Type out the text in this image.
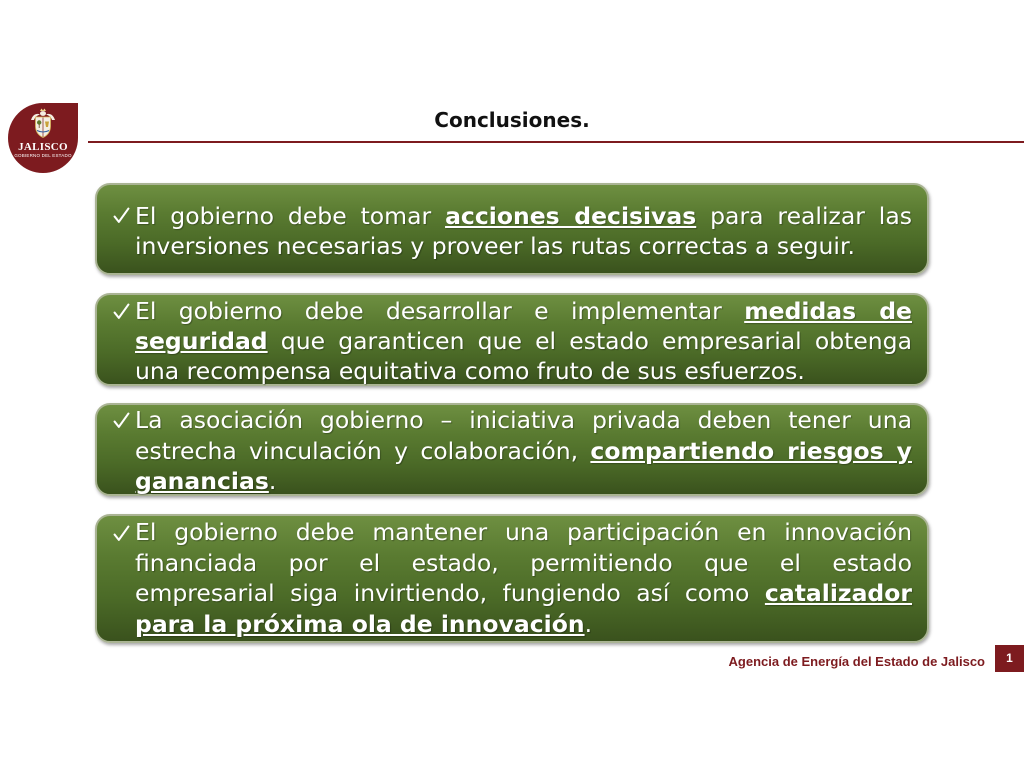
JALISCO
GOBIERNO DEL ESTADO
Conclusiones.
El gobierno debe tomar acciones decisivas para realizar las
inversiones necesarias y proveer las rutas correctas a seguir.
El gobierno debe desarrollar e implementar medidas de
seguridad que garanticen que el estado empresarial obtenga
una recompensa equitativa como fruto de sus esfuerzos.
La asociación gobierno – iniciativa privada deben tener una
estrecha vinculación y colaboración, compartiendo riesgos y
ganancias.
El gobierno debe mantener una participación en innovación
financiada por el estado, permitiendo que el estado
empresarial siga invirtiendo, fungiendo así como catalizador
para la próxima ola de innovación.
Agencia de Energía del Estado de Jalisco	1
